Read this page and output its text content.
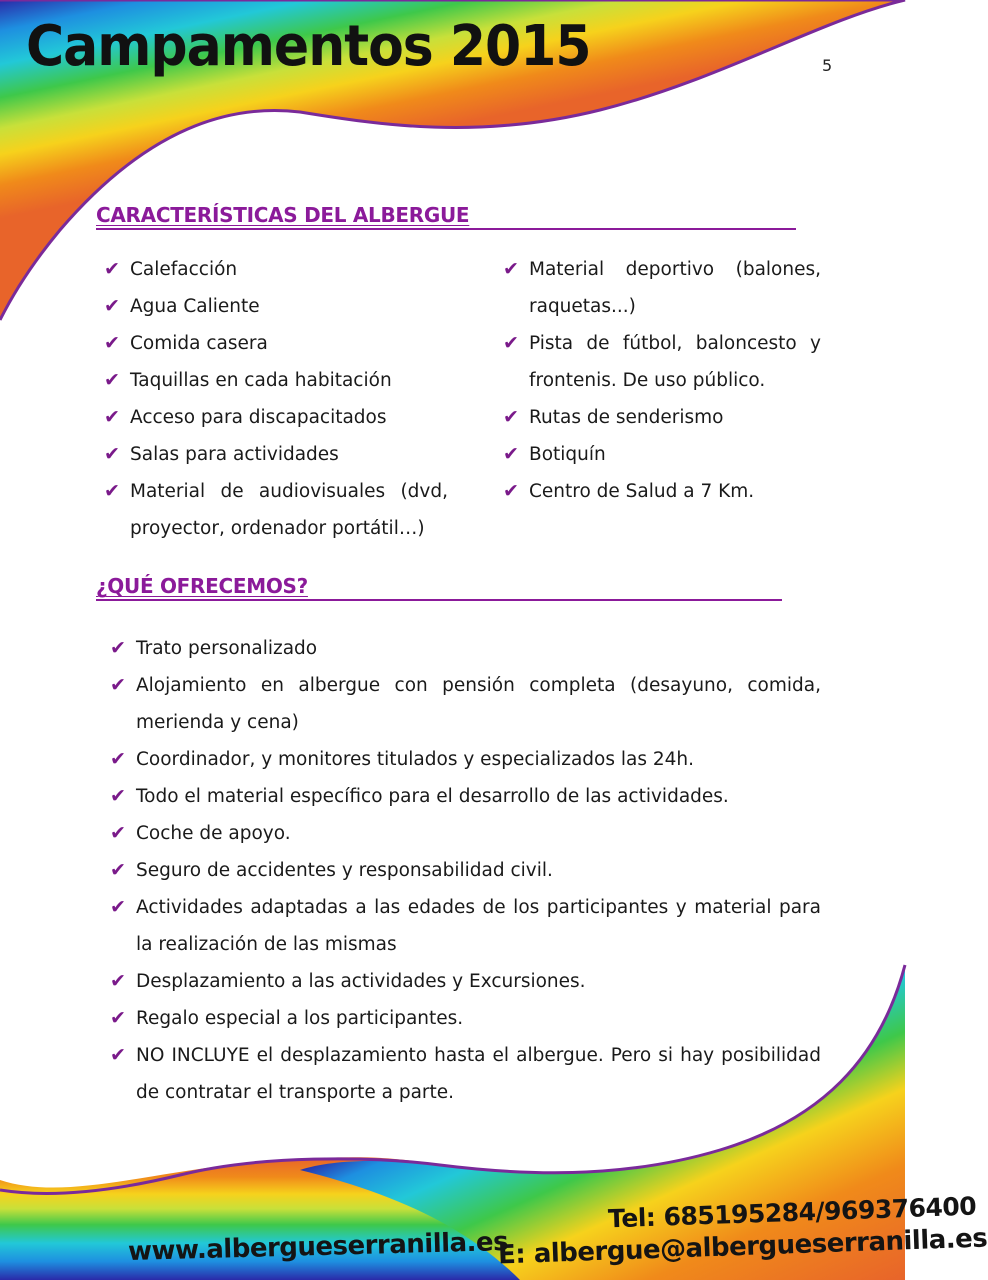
Campamentos 2015	5
CARACTERÍSTICAS DEL ALBERGUE
✔ Calefacción
✔ Agua Caliente
✔ Comida casera
✔ Taquillas en cada habitación
✔ Acceso para discapacitados
✔ Salas para actividades
✔ Material de audiovisuales (dvd, proyector, ordenador portátil…)
✔ Material deportivo (balones, raquetas...)
✔ Pista de fútbol, baloncesto y frontenis. De uso público.
✔ Rutas de senderismo
✔ Botiquín
✔ Centro de Salud a 7 Km.
¿QUÉ OFRECEMOS?
✔ Trato personalizado
✔ Alojamiento en albergue con pensión completa (desayuno, comida, merienda y cena)
✔ Coordinador, y monitores titulados y especializados las 24h.
✔ Todo el material específico para el desarrollo de las actividades.
✔ Coche de apoyo.
✔ Seguro de accidentes y responsabilidad civil.
✔ Actividades adaptadas a las edades de los participantes y material para la realización de las mismas
✔ Desplazamiento a las actividades y Excursiones.
✔ Regalo especial a los participantes.
✔ NO INCLUYE el desplazamiento hasta el albergue. Pero si hay posibilidad de contratar el transporte a parte.
Tel: 685195284/969376400
www.albergueserranilla.es
E: albergue@albergueserranilla.es
